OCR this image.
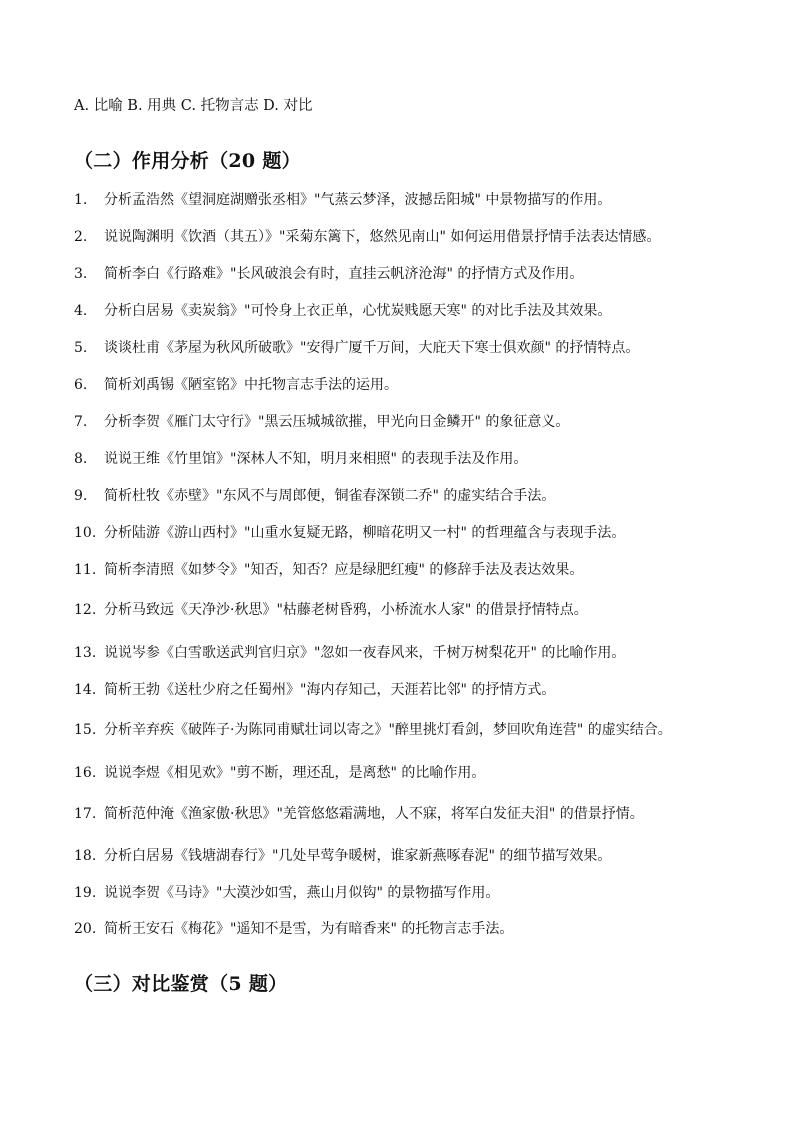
A. 比喻 B. 用典 C. 托物言志 D. 对比
（二）作用分析（20 题）
1. 分析孟浩然《望洞庭湖赠张丞相》"气蒸云梦泽，波撼岳阳城" 中景物描写的作用。
2. 说说陶渊明《饮酒（其五）》"采菊东篱下，悠然见南山" 如何运用借景抒情手法表达情感。
3. 简析李白《行路难》"长风破浪会有时，直挂云帆济沧海" 的抒情方式及作用。
4. 分析白居易《卖炭翁》"可怜身上衣正单，心忧炭贱愿天寒" 的对比手法及其效果。
5. 谈谈杜甫《茅屋为秋风所破歌》"安得广厦千万间，大庇天下寒士俱欢颜" 的抒情特点。
6. 简析刘禹锡《陋室铭》中托物言志手法的运用。
7. 分析李贺《雁门太守行》"黑云压城城欲摧，甲光向日金鳞开" 的象征意义。
8. 说说王维《竹里馆》"深林人不知，明月来相照" 的表现手法及作用。
9. 简析杜牧《赤壁》"东风不与周郎便，铜雀春深锁二乔" 的虚实结合手法。
10. 分析陆游《游山西村》"山重水复疑无路，柳暗花明又一村" 的哲理蕴含与表现手法。
11. 简析李清照《如梦令》"知否，知否？应是绿肥红瘦" 的修辞手法及表达效果。
12. 分析马致远《天净沙·秋思》"枯藤老树昏鸦，小桥流水人家" 的借景抒情特点。
13. 说说岑参《白雪歌送武判官归京》"忽如一夜春风来，千树万树梨花开" 的比喻作用。
14. 简析王勃《送杜少府之任蜀州》"海内存知己，天涯若比邻" 的抒情方式。
15. 分析辛弃疾《破阵子·为陈同甫赋壮词以寄之》"醉里挑灯看剑，梦回吹角连营" 的虚实结合。
16. 说说李煜《相见欢》"剪不断，理还乱，是离愁" 的比喻作用。
17. 简析范仲淹《渔家傲·秋思》"羌管悠悠霜满地，人不寐，将军白发征夫泪" 的借景抒情。
18. 分析白居易《钱塘湖春行》"几处早莺争暖树，谁家新燕啄春泥" 的细节描写效果。
19. 说说李贺《马诗》"大漠沙如雪，燕山月似钩" 的景物描写作用。
20. 简析王安石《梅花》"遥知不是雪，为有暗香来" 的托物言志手法。
（三）对比鉴赏（5 题）
